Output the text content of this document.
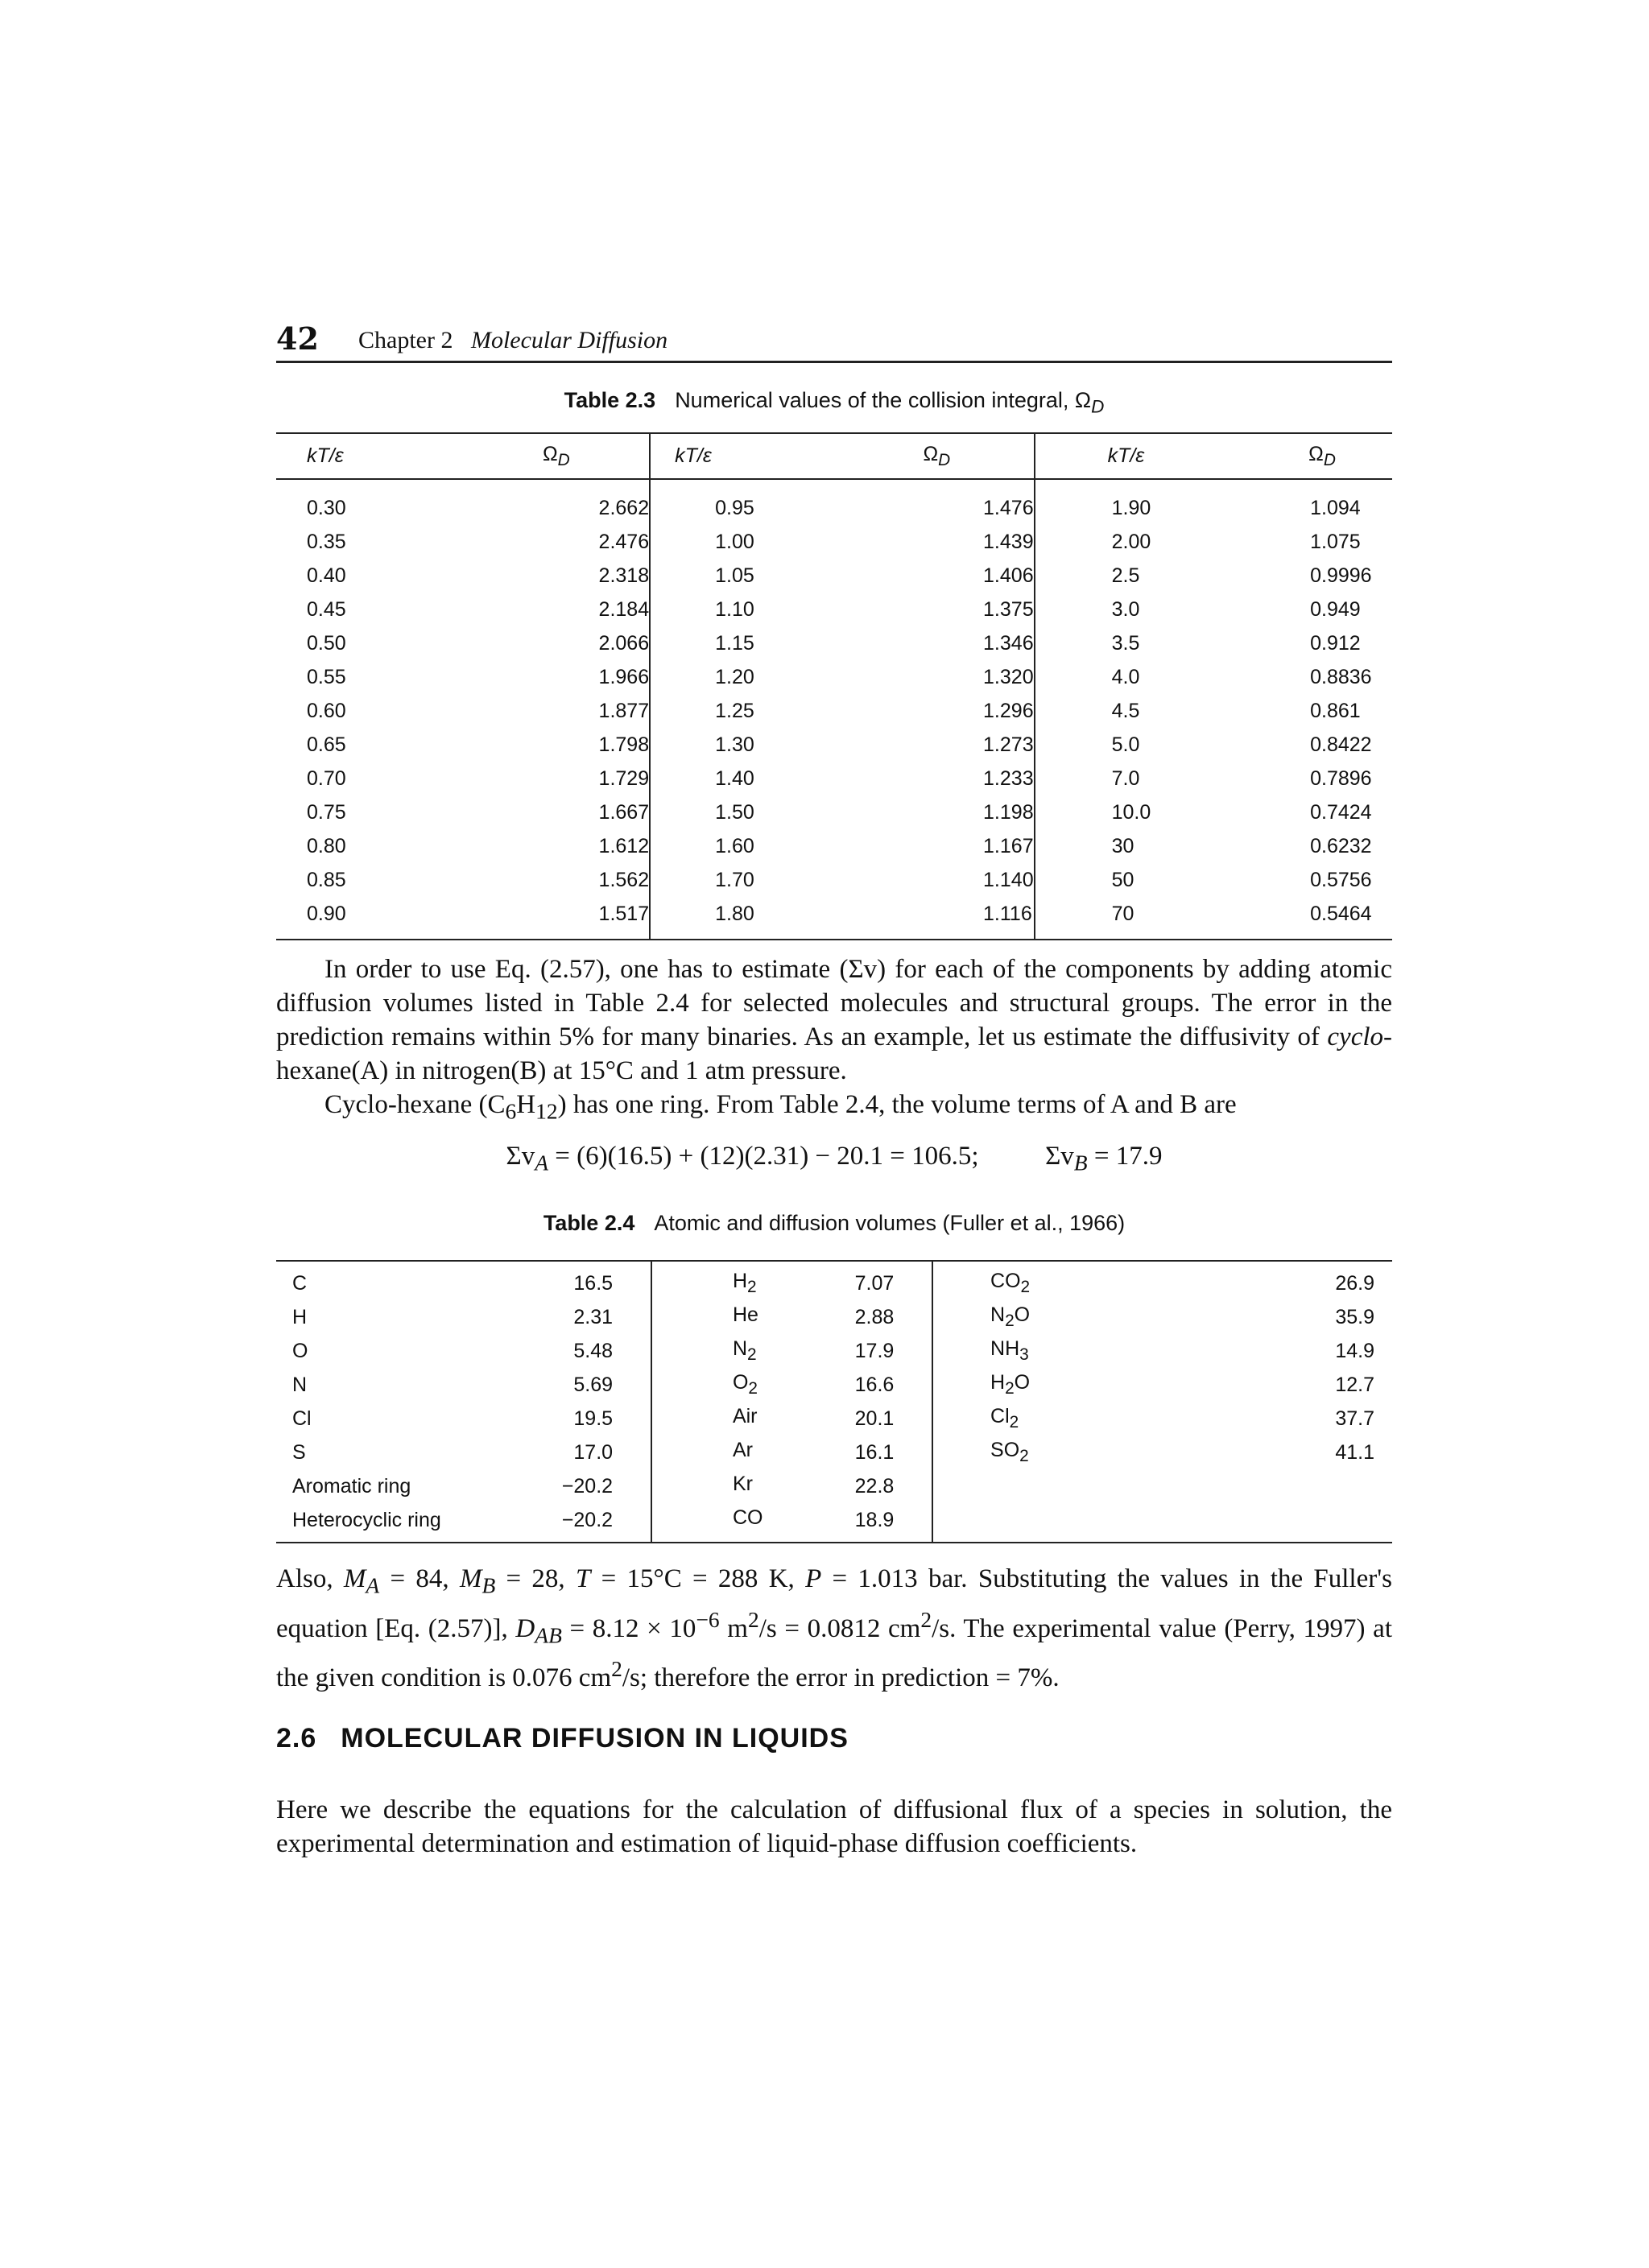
42 Chapter 2 Molecular Diffusion
Table 2.3 Numerical values of the collision integral, $\Omega_D$
kT/ε	$\Omega_D$	kT/ε	$\Omega_D$	kT/ε	$\Omega_D$
0.30	2.662	0.95	1.476	1.90	1.094
0.35	2.476	1.00	1.439	2.00	1.075
0.40	2.318	1.05	1.406	2.5	0.9996
0.45	2.184	1.10	1.375	3.0	0.949
0.50	2.066	1.15	1.346	3.5	0.912
0.55	1.966	1.20	1.320	4.0	0.8836
0.60	1.877	1.25	1.296	4.5	0.861
0.65	1.798	1.30	1.273	5.0	0.8422
0.70	1.729	1.40	1.233	7.0	0.7896
0.75	1.667	1.50	1.198	10.0	0.7424
0.80	1.612	1.60	1.167	30	0.6232
0.85	1.562	1.70	1.140	50	0.5756
0.90	1.517	1.80	1.116	70	0.5464
In order to use Eq. (2.57), one has to estimate (Σv) for each of the components by adding atomic diffusion volumes listed in Table 2.4 for selected molecules and structural groups. The error in the prediction remains within 5% for many binaries. As an example, let us estimate the diffusivity of cyclo-hexane(A) in nitrogen(B) at 15°C and 1 atm pressure.
Cyclo-hexane $(C_6H_{12})$ has one ring. From Table 2.4, the volume terms of A and B are
$\Sigma v_A = (6)(16.5) + (12)(2.31) - 20.1 = 106.5$;	$\Sigma v_B = 17.9$
Table 2.4 Atomic and diffusion volumes (Fuller et al., 1966)
C	16.5		$H_2$	7.07			$CO_2$	26.9
H	2.31		He	2.88			$N_2O$	35.9
O	5.48		$N_2$	17.9			$NH_3$	14.9
N	5.69		$O_2$	16.6			$H_2O$	12.7
Cl	19.5		Air	20.1			$Cl_2$	37.7
S	17.0		Ar	16.1			$SO_2$	41.1
Aromatic ring	−20.2		Kr	22.8				
Heterocyclic ring	−20.2		CO	18.9				
Also, $M_A = 84$, $M_B = 28$, T = 15°C = 288 K, P = 1.013 bar. Substituting the values in the Fuller's equation [Eq. (2.57)], $D_{AB} = 8.12 \times 10^{-6}$ $m^2/s = 0.0812$ $cm^2/s$. The experimental value (Perry, 1997) at the given condition is 0.076 $cm^2/s$; therefore the error in prediction = 7%.
2.6 MOLECULAR DIFFUSION IN LIQUIDS
Here we describe the equations for the calculation of diffusional flux of a species in solution, the experimental determination and estimation of liquid-phase diffusion coefficients.
